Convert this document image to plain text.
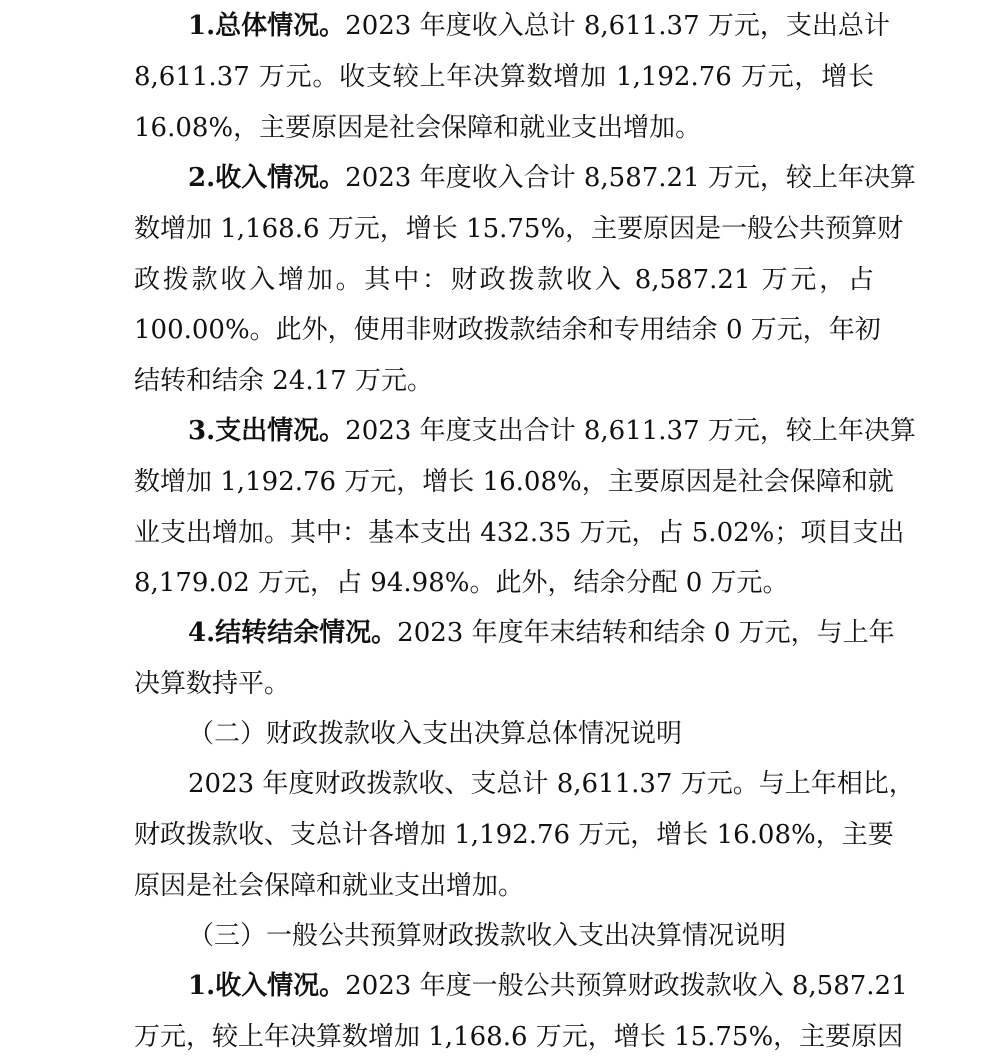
1.总体情况。2023 年度收入总计 8,611.37 万元，支出总计
8,611.37 万元。收支较上年决算数增加 1,192.76 万元，增长
16.08%，主要原因是社会保障和就业支出增加。
2.收入情况。2023 年度收入合计 8,587.21 万元，较上年决算
数增加 1,168.6 万元，增长 15.75%，主要原因是一般公共预算财
政拨款收入增加。其中：财政拨款收入 8,587.21 万元，占
100.00%。此外，使用非财政拨款结余和专用结余 0 万元，年初
结转和结余 24.17 万元。
3.支出情况。2023 年度支出合计 8,611.37 万元，较上年决算
数增加 1,192.76 万元，增长 16.08%，主要原因是社会保障和就
业支出增加。其中：基本支出 432.35 万元，占 5.02%；项目支出
8,179.02 万元，占 94.98%。此外，结余分配 0 万元。
4.结转结余情况。2023 年度年末结转和结余 0 万元，与上年
决算数持平。
（二）财政拨款收入支出决算总体情况说明
2023 年度财政拨款收、支总计 8,611.37 万元。与上年相比，
财政拨款收、支总计各增加 1,192.76 万元，增长 16.08%，主要
原因是社会保障和就业支出增加。
（三）一般公共预算财政拨款收入支出决算情况说明
1.收入情况。2023 年度一般公共预算财政拨款收入 8,587.21
万元，较上年决算数增加 1,168.6 万元，增长 15.75%，主要原因
